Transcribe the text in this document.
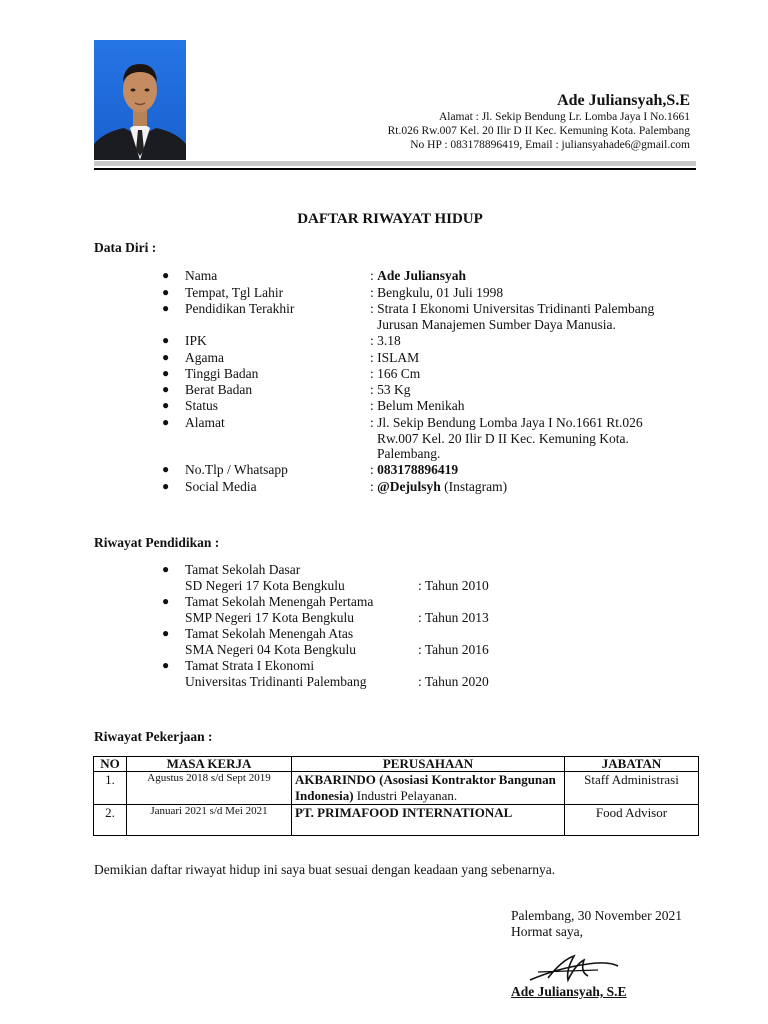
Ade Juliansyah,S.E
Alamat : Jl. Sekip Bendung Lr. Lomba Jaya I No.1661
Rt.026 Rw.007 Kel. 20 Ilir D II Kec. Kemuning Kota. Palembang
No HP : 083178896419, Email : juliansyahade6@gmail.com
DAFTAR RIWAYAT HIDUP
Data Diri :
● Nama	: Ade Juliansyah
● Tempat, Tgl Lahir	: Bengkulu, 01 Juli 1998
● Pendidikan Terakhir	: Strata I Ekonomi Universitas Tridinanti Palembang
Jurusan Manajemen Sumber Daya Manusia.
● IPK	: 3.18
● Agama	: ISLAM
● Tinggi Badan	: 166 Cm
● Berat Badan	: 53 Kg
● Status	: Belum Menikah
● Alamat	: Jl. Sekip Bendung Lomba Jaya I No.1661 Rt.026
Rw.007 Kel. 20 Ilir D II Kec. Kemuning Kota.
Palembang.
● No.Tlp / Whatsapp	: 083178896419
● Social Media	: @Dejulsyh (Instagram)
Riwayat Pendidikan :
● Tamat Sekolah Dasar
SD Negeri 17 Kota Bengkulu	: Tahun 2010
● Tamat Sekolah Menengah Pertama
SMP Negeri 17 Kota Bengkulu	: Tahun 2013
● Tamat Sekolah Menengah Atas
SMA Negeri 04 Kota Bengkulu	: Tahun 2016
● Tamat Strata I Ekonomi
Universitas Tridinanti Palembang	: Tahun 2020
Riwayat Pekerjaan :
NO	MASA KERJA	PERUSAHAAN	JABATAN
1.	Agustus 2018 s/d Sept 2019	AKBARINDO (Asosiasi Kontraktor Bangunan Indonesia) Industri Pelayanan.	Staff Administrasi
2.	Januari 2021 s/d Mei 2021	PT. PRIMAFOOD INTERNATIONAL	Food Advisor
Demikian daftar riwayat hidup ini saya buat sesuai dengan keadaan yang sebenarnya.
Palembang, 30 November 2021
Hormat saya,
Ade Juliansyah, S.E
